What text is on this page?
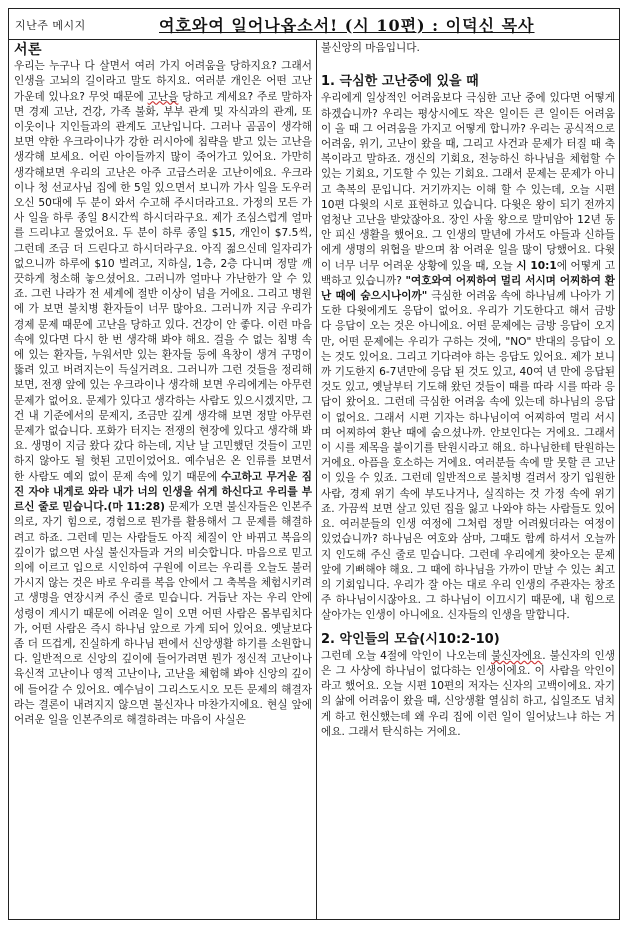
지난주 메시지	여호와여 일어나옵소서! (시 10편) : 이덕신 목사
서론

우리는 누구나 다 살면서 여러 가지 어려움을 당하지요? 그래서 인생을 고뇌의 길이라고 말도 하지요. 여러분 개인은 어떤 고난 가운데 있나요? 무엇 때문에 고난을 당하고 계세요? 주로 말하자면 경제 고난, 건강, 가족 불화, 부부 관계 및 자식과의 관계, 또 이웃이나 지인들과의 관계도 고난입니다. 그러나 곰곰이 생각해보면 약한 우크라이나가 강한 러시아에 침략을 받고 있는 고난을 생각해 보세요. 어린 아이들까지 많이 죽어가고 있어요. 가만히 생각해보면 우리의 고난은 아주 고급스러운 고난이에요. 우크라이나 청 선교사님 집에 한 5일 있으면서 보니까 가사 일을 도우러 오신 50대에 두 분이 와서 수고해 주시더라고요. 가정의 모든 가사 일을 하루 종일 8시간씩 하시더라구요. 제가 조심스럽게 얼마를 드리냐고 물었어요. 두 분이 하루 종일 $15, 개인이 $7.5씩, 그런데 조금 더 드린다고 하시더라구요. 아직 젊으신데 일자리가 없으니까 하루에 $10 벌려고, 지하실, 1층, 2층 다니며 정말 깨끗하게 청소해 놓으셨어요. 그러니까 얼마나 가난한가 알 수 있죠. 그런 나라가 전 세계에 절반 이상이 넘을 거에요. 그리고 병원에 가 보면 불치병 환자들이 너무 많아요. 그러니까 지금 우리가 경제 문제 때문에 고난을 당하고 있다. 건강이 안 좋다. 이런 마음속에 있다면 다시 한 번 생각해 봐야 해요. 걸을 수 없는 침병 속에 있는 환자들, 누워서만 있는 환자들 등에 욕창이 생겨 구멍이 뚫려 있고 버려지는이 득실거려요. 그러니까 그런 것들을 정리해 보면, 전쟁 앞에 있는 우크라이나 생각해 보면 우리에게는 아무런 문제가 없어요. 문제가 있다고 생각하는 사람도 있으시겠지만, 그건 내 기준에서의 문제지, 조금만 깊게 생각해 보면 정말 아무런 문제가 없습니다. 포화가 터지는 전쟁의 현장에 있다고 생각해 봐요. 생명이 지금 왔다 갔다 하는데, 지난 날 고민했던 것들이 고민하지 않아도 될 헛된 고민이었어요. 예수님은 온 인류를 보면서 한 사람도 예외 없이 문제 속에 있기 때문에 수고하고 무거운 짐 진 자야 내게로 와라 내가 너의 인생을 쉬게 하신다고 우리를 부르신 줄로 믿습니다.(마 11:28) 문제가 오면 불신자들은 인본주의로, 자기 힘으로, 경험으로 뭔가를 활용해서 그 문제를 해결하려고 하죠. 그런데 믿는 사람들도 아직 체질이 안 바뀌고 복음의 깊이가 없으면 사실 불신자들과 거의 비슷합니다. 마음으로 믿고 의에 이르고 입으로 시인하여 구원에 이르는 우리를 오늘도 불러 가시지 않는 것은 바로 우리를 복음 안에서 그 축복을 체험시키려고 생명을 연장시켜 주신 줄로 믿습니다. 거듭난 자는 우리 안에 성령이 계시기 때문에 어려운 일이 오면 어떤 사람은 몸부림치다가, 어떤 사람은 즉시 하나님 앞으로 가게 되어 있어요. 옛날보다 좀 더 뜨겁게, 진실하게 하나님 편에서 신앙생활 하기를 소원합니다. 일반적으로 신앙의 깊이에 들어가려면 뭔가 정신적 고난이나 육신적 고난이나 영적 고난이나, 고난을 체험해 봐야 신앙의 깊이에 들어갈 수 있어요. 예수님이 그리스도시오 모든 문제의 해결자라는 결론이 내려지지 않으면 불신자나 마찬가지에요. 현실 앞에 어려운 일을 인본주의로 해결하려는 마음이 사실은

불신앙의 마음입니다.

1. 극심한 고난중에 있을 때

우리에게 일상적인 어려움보다 극심한 고난 중에 있다면 어떻게 하겠습니까? 우리는 평상시에도 작은 일이든 큰 일이든 어려움이 올 때 그 어려움을 가지고 어떻게 합니까? 우리는 공식적으로 어려움, 위기, 고난이 왔을 때, 그리고 사건과 문제가 터질 때 축복이라고 말하죠. 갱신의 기회요, 전능하신 하나님을 체험할 수 있는 기회요, 기도할 수 있는 기회요. 그래서 문제는 문제가 아니고 축복의 문입니다. 거기까지는 이해 할 수 있는데, 오늘 시편 10편 다윗의 시로 표현하고 있습니다. 다윗은 왕이 되기 전까지 엄청난 고난을 받았잖아요. 장인 사울 왕으로 말미암아 12년 동안 피신 생활을 했어요. 그 인생의 말년에 가서도 아들과 신하들에게 생명의 위협을 받으며 참 어려운 일을 많이 당했어요. 다윗이 너무 너무 어려운 상황에 있을 때, 오늘 시 10:1에 어떻게 고백하고 있습니까? "여호와여 어찌하여 멀리 서시며 어찌하여 환난 때에 숨으시나이까" 극심한 어려움 속에 하나님께 나아가 기도한 다윗에게도 응답이 없어요. 우리가 기도한다고 해서 금방 다 응답이 오는 것은 아니에요. 어떤 문제에는 금방 응답이 오지만, 어떤 문제에는 우리가 구하는 것에, "NO" 반대의 응답이 오는 것도 있어요. 그리고 기다려야 하는 응답도 있어요. 제가 보니까 기도한지 6-7년만에 응답 된 것도 있고, 40여 년 만에 응답된 것도 있고, 옛날부터 기도해 왔던 것들이 때를 따라 시를 따라 응답이 왔어요. 그런데 극심한 어려움 속에 있는데 하나님의 응답이 없어요. 그래서 시편 기자는 하나님이여 어찌하여 멀리 서시며 어찌하여 환난 때에 숨으셨나까. 안보인다는 거에요. 그래서 이 시를 제목을 붙이기를 탄원시라고 해요. 하나님한테 탄원하는 거에요. 아픔을 호소하는 거에요. 여러분들 속에 말 못할 큰 고난이 있을 수 있죠. 그런데 일반적으로 불치병 걸려서 장기 입원한 사람, 경제 위기 속에 부도나거나, 실직하는 것 가정 속에 위기죠. 가끔씩 보면 살고 있던 집을 잃고 나와야 하는 사람들도 있어요. 여러분들의 인생 여정에 그처럼 정말 어려웠더라는 여정이 있었습니까? 하나님은 여호와 삼마, 그때도 함께 하셔서 오늘까지 인도해 주신 줄로 믿습니다. 그런데 우리에게 찾아오는 문제 앞에 기뻐해야 해요. 그 때에 하나님을 가까이 만날 수 있는 최고의 기회입니다. 우리가 잘 아는 대로 우리 인생의 주관자는 창조주 하나님이시잖아요. 그 하나님이 이끄시기 때문에, 내 힘으로 살아가는 인생이 아니에요. 신자들의 인생을 말합니다.

2. 악인들의 모습(시10:2-10)

그런데 오늘 4절에 악인이 나오는데 불신자에요. 불신자의 인생은 그 사상에 하나님이 없다하는 인생이에요. 이 사람을 악인이라고 했어요. 오늘 시편 10편의 저자는 신자의 고백이에요. 자기의 삶에 어려움이 왔을 때, 신앙생활 열심히 하고, 십일조도 넘치게 하고 헌신했는데 왜 우리 집에 이런 일이 일어났느냐 하는 거에요. 그래서 탄식하는 거에요.
